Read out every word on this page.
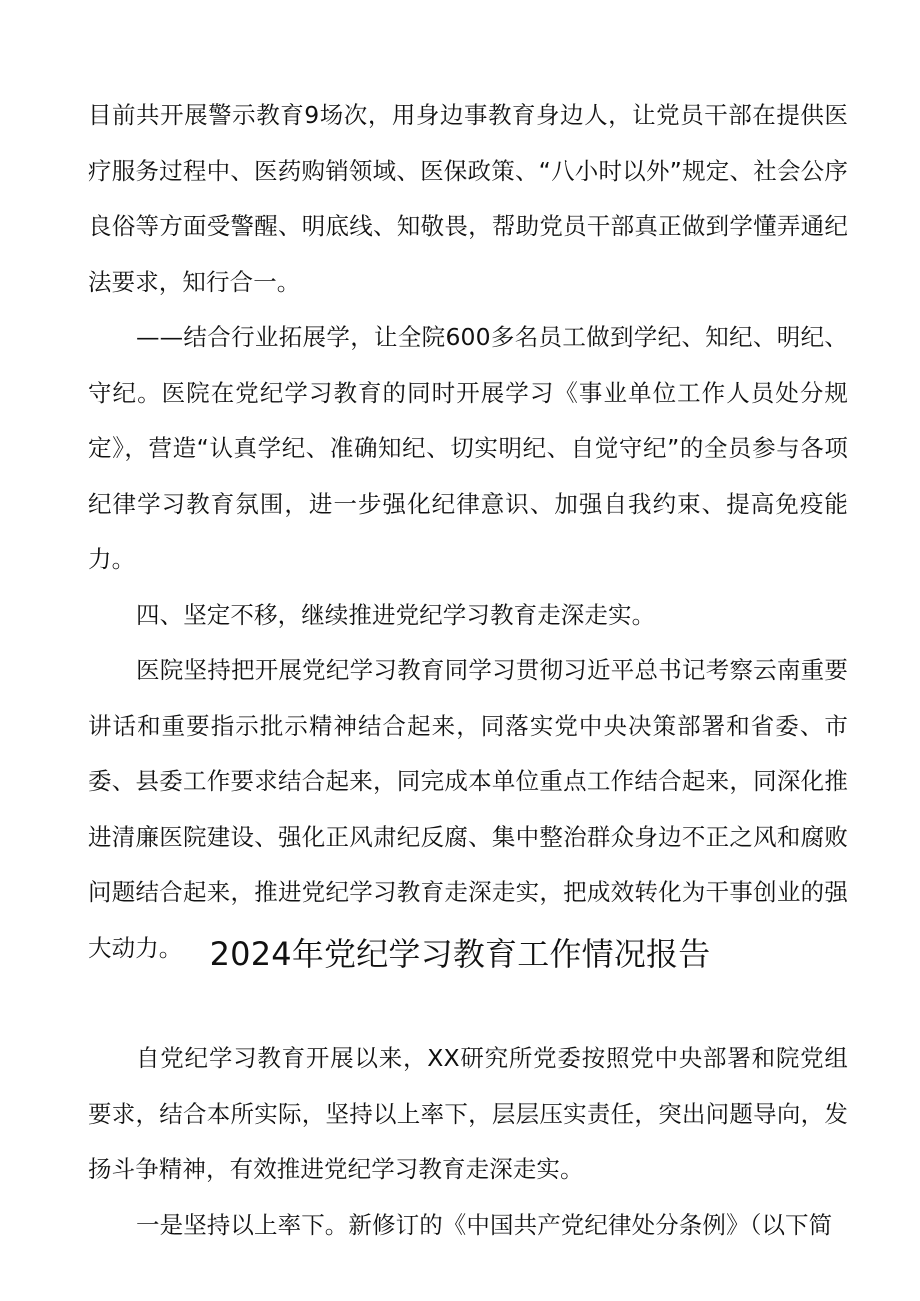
目前共开展警示教育9场次，用身边事教育身边人，让党员干部在提供医疗服务过程中、医药购销领域、医保政策、“八小时以外”规定、社会公序良俗等方面受警醒、明底线、知敬畏，帮助党员干部真正做到学懂弄通纪法要求，知行合一。

——结合行业拓展学，让全院600多名员工做到学纪、知纪、明纪、守纪。医院在党纪学习教育的同时开展学习《事业单位工作人员处分规定》，营造“认真学纪、准确知纪、切实明纪、自觉守纪”的全员参与各项纪律学习教育氛围，进一步强化纪律意识、加强自我约束、提高免疫能力。

四、坚定不移，继续推进党纪学习教育走深走实。

医院坚持把开展党纪学习教育同学习贯彻习近平总书记考察云南重要讲话和重要指示批示精神结合起来，同落实党中央决策部署和省委、市委、县委工作要求结合起来，同完成本单位重点工作结合起来，同深化推进清廉医院建设、强化正风肃纪反腐、集中整治群众身边不正之风和腐败问题结合起来，推进党纪学习教育走深走实，把成效转化为干事创业的强大动力。 2024年党纪学习教育工作情况报告

自党纪学习教育开展以来，XX研究所党委按照党中央部署和院党组要求，结合本所实际，坚持以上率下，层层压实责任，突出问题导向，发扬斗争精神，有效推进党纪学习教育走深走实。

一是坚持以上率下。新修订的《中国共产党纪律处分条例》（以下简
